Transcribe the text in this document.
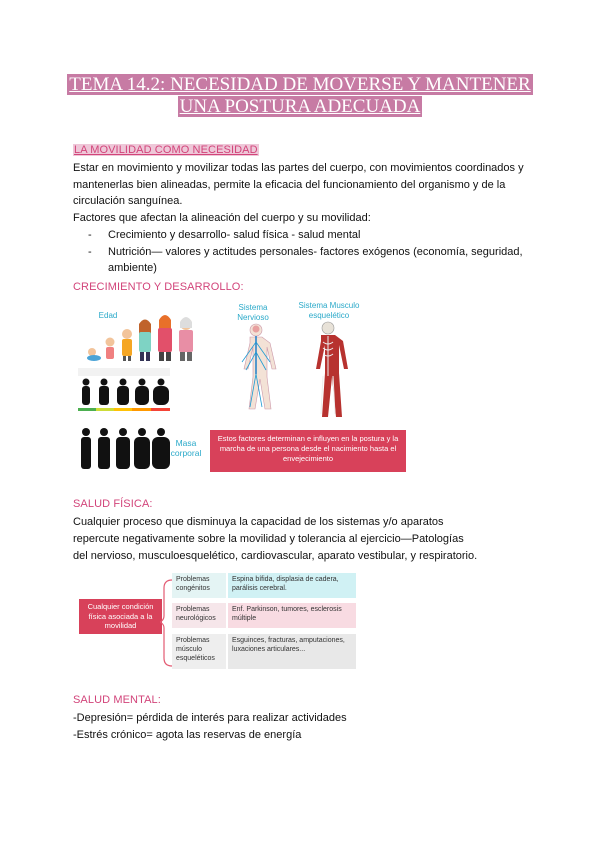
TEMA 14.2: NECESIDAD DE MOVERSE Y MANTENER
UNA POSTURA ADECUADA
LA MOVILIDAD COMO NECESIDAD
Estar en movimiento y movilizar todas las partes del cuerpo, con movimientos coordinados y mantenerlas bien alineadas, permite la eficacia del funcionamiento del organismo y de la circulación sanguínea.
Factores que afectan la alineación del cuerpo y su movilidad:
- Crecimiento y desarrollo- salud física - salud mental
- Nutrición— valores y actitudes personales- factores exógenos (economía, seguridad, ambiente)
CRECIMIENTO Y DESARROLLO:
Edad
Sistema Nervioso
Sistema Musculo esquelético
Masa corporal
Estos factores determinan e influyen en la postura y la marcha de una persona desde el nacimiento hasta el envejecimiento
SALUD FÍSICA:
Cualquier proceso que disminuya la capacidad de los sistemas y/o aparatos
repercute negativamente sobre la movilidad y tolerancia al ejercicio—Patologías
del nervioso, musculoesquelético, cardiovascular, aparato vestibular, y respiratorio.
Cualquier condición física asociada a la movilidad
Problemas congénitos
Espina bífida, displasia de cadera, parálisis cerebral.
Problemas neurológicos
Enf. Parkinson, tumores, esclerosis múltiple
Problemas músculo esqueléticos
Esguinces, fracturas, amputaciones, luxaciones articulares...
SALUD MENTAL:
-Depresión= pérdida de interés para realizar actividades
-Estrés crónico= agota las reservas de energía
